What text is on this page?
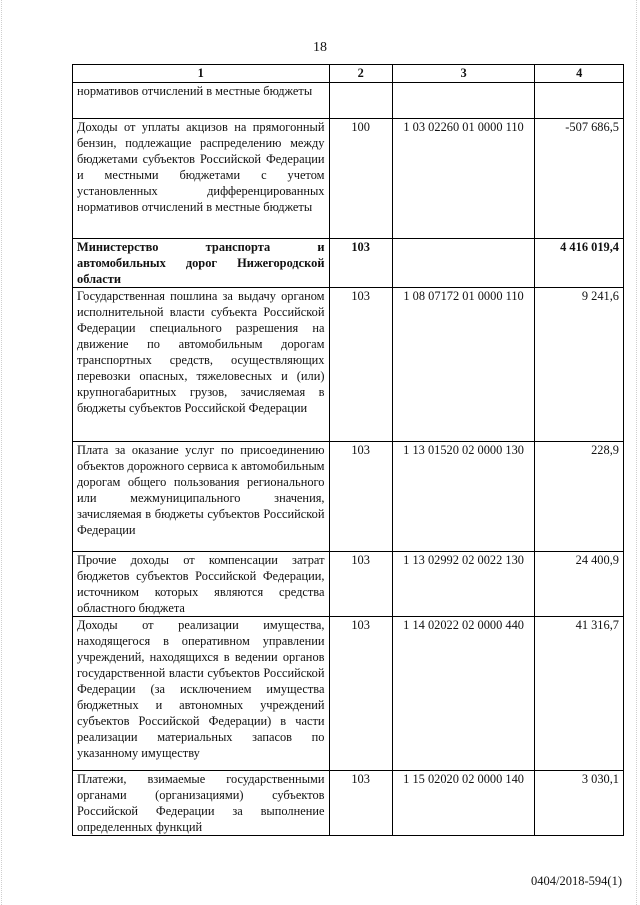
18
1	2	3	4
нормативов отчислений в местные бюджеты			
Доходы от уплаты акцизов на прямогонный бензин, подлежащие распределению между бюджетами субъектов Российской Федерации и местными бюджетами с учетом установленных дифференцированных нормативов отчислений в местные бюджеты	100	1 03 02260 01 0000 110	-507 686,5
Министерство транспорта и автомобильных дорог Нижегородской области	103		4 416 019,4
Государственная пошлина за выдачу органом исполнительной власти субъекта Российской Федерации специального разрешения на движение по автомобильным дорогам транспортных средств, осуществляющих перевозки опасных, тяжеловесных и (или) крупногабаритных грузов, зачисляемая в бюджеты субъектов Российской Федерации	103	1 08 07172 01 0000 110	9 241,6
Плата за оказание услуг по присоединению объектов дорожного сервиса к автомобильным дорогам общего пользования регионального или межмуниципального значения, зачисляемая в бюджеты субъектов Российской Федерации	103	1 13 01520 02 0000 130	228,9
Прочие доходы от компенсации затрат бюджетов субъектов Российской Федерации, источником которых являются средства областного бюджета	103	1 13 02992 02 0022 130	24 400,9
Доходы от реализации имущества, находящегося в оперативном управлении учреждений, находящихся в ведении органов государственной власти субъектов Российской Федерации (за исключением имущества бюджетных и автономных учреждений субъектов Российской Федерации) в части реализации материальных запасов по указанному имуществу	103	1 14 02022 02 0000 440	41 316,7
Платежи, взимаемые государственными органами (организациями) субъектов Российской Федерации за выполнение определенных функций	103	1 15 02020 02 0000 140	3 030,1
0404/2018-594(1)
